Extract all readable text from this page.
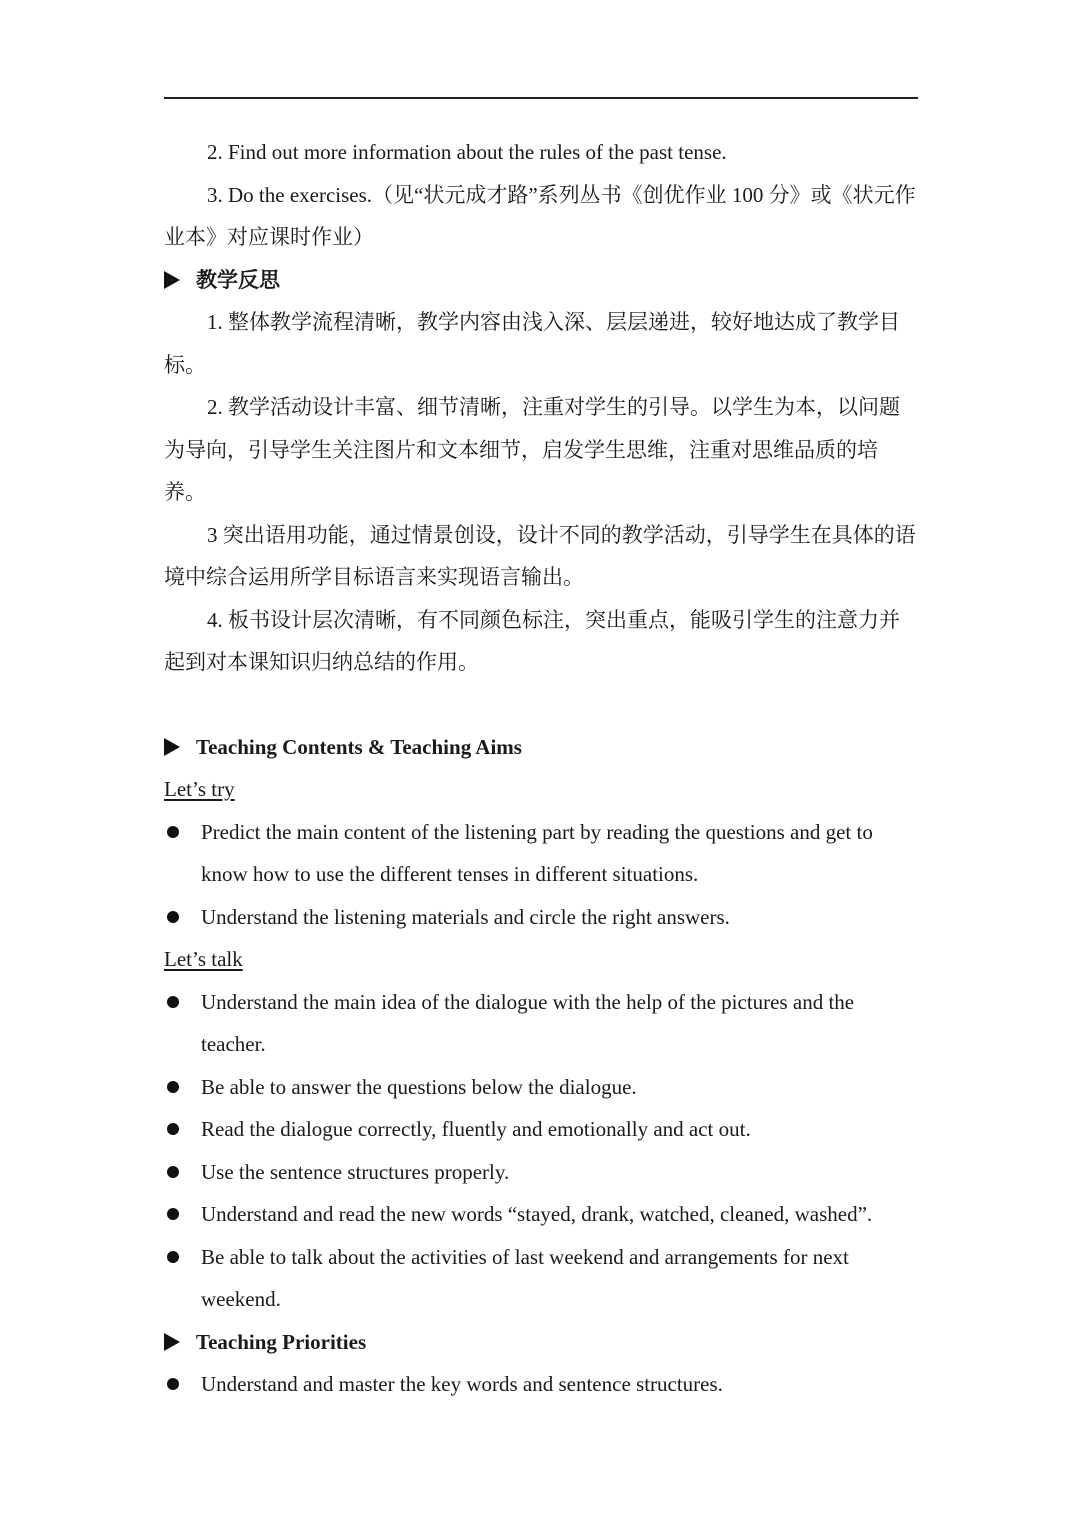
2. Find out more information about the rules of the past tense.

3. Do the exercises.（见“状元成才路”系列丛书《创优作业 100 分》或《状元作业本》对应课时作业）

教学反思

1. 整体教学流程清晰，教学内容由浅入深、层层递进，较好地达成了教学目标。

2. 教学活动设计丰富、细节清晰，注重对学生的引导。以学生为本，以问题为导向，引导学生关注图片和文本细节，启发学生思维，注重对思维品质的培养。

3 突出语用功能，通过情景创设，设计不同的教学活动，引导学生在具体的语境中综合运用所学目标语言来实现语言输出。

4. 板书设计层次清晰，有不同颜色标注，突出重点，能吸引学生的注意力并起到对本课知识归纳总结的作用。

Teaching Contents & Teaching Aims

Let’s try

Predict the main content of the listening part by reading the questions and get to know how to use the different tenses in different situations.
Understand the listening materials and circle the right answers.

Let’s talk

Understand the main idea of the dialogue with the help of the pictures and the teacher.
Be able to answer the questions below the dialogue.
Read the dialogue correctly, fluently and emotionally and act out.
Use the sentence structures properly.
Understand and read the new words “stayed, drank, watched, cleaned, washed”.
Be able to talk about the activities of last weekend and arrangements for next weekend.

Teaching Priorities

Understand and master the key words and sentence structures.
